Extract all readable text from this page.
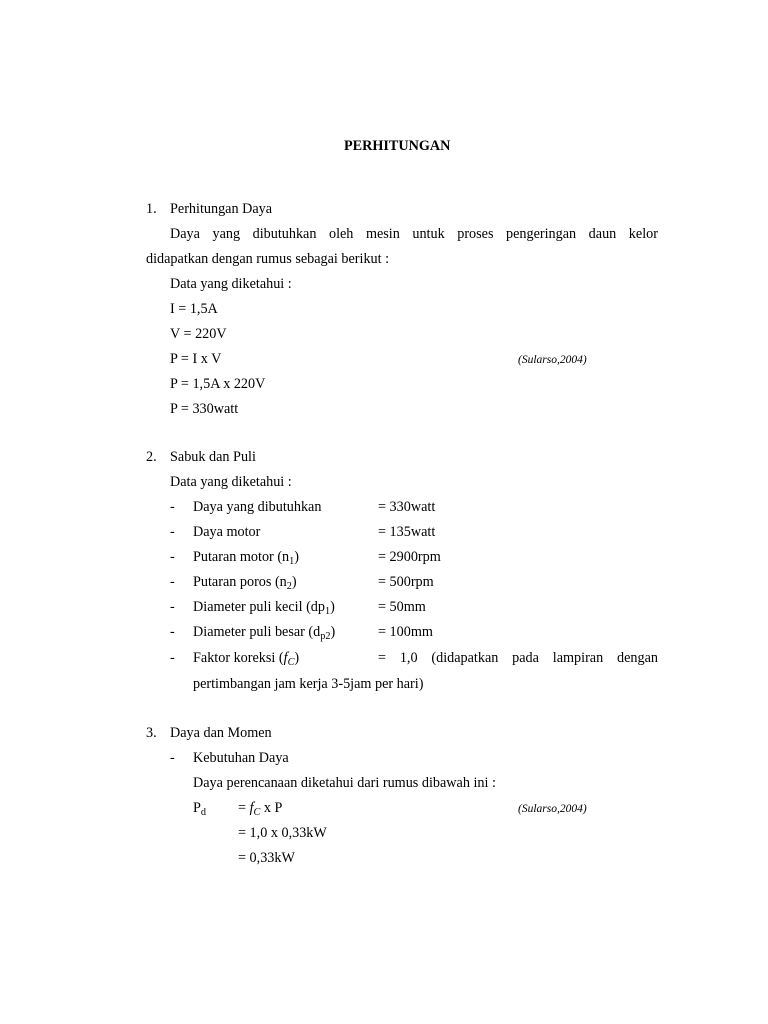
PERHITUNGAN
1. Perhitungan Daya
Daya yang dibutuhkan oleh mesin untuk proses pengeringan daun kelor
didapatkan dengan rumus sebagai berikut :
Data yang diketahui :
I = 1,5A
V = 220V
P = I x V	(Sularso,2004)
P = 1,5A x 220V
P = 330watt
2. Sabuk dan Puli
Data yang diketahui :
- Daya yang dibutuhkan	= 330watt
- Daya motor	= 135watt
- Putaran poros $(n_2)$	= 500rpm
- Putaran motor $(n_1)$	= 2900rpm
- Diameter puli kecil $(dp_1)$	= 50mm
- Diameter puli besar $(d_{p2})$	= 100mm
- Faktor koreksi $(f_C)$	= 1,0 (didapatkan pada lampiran dengan
pertimbangan jam kerja 3-5jam per hari)
3. Daya dan Momen
- Kebutuhan Daya
Daya perencanaan diketahui dari rumus dibawah ini :
$P_d = f_C$ x P	(Sularso,2004)
= 1,0 x 0,33kW
= 0,33kW
